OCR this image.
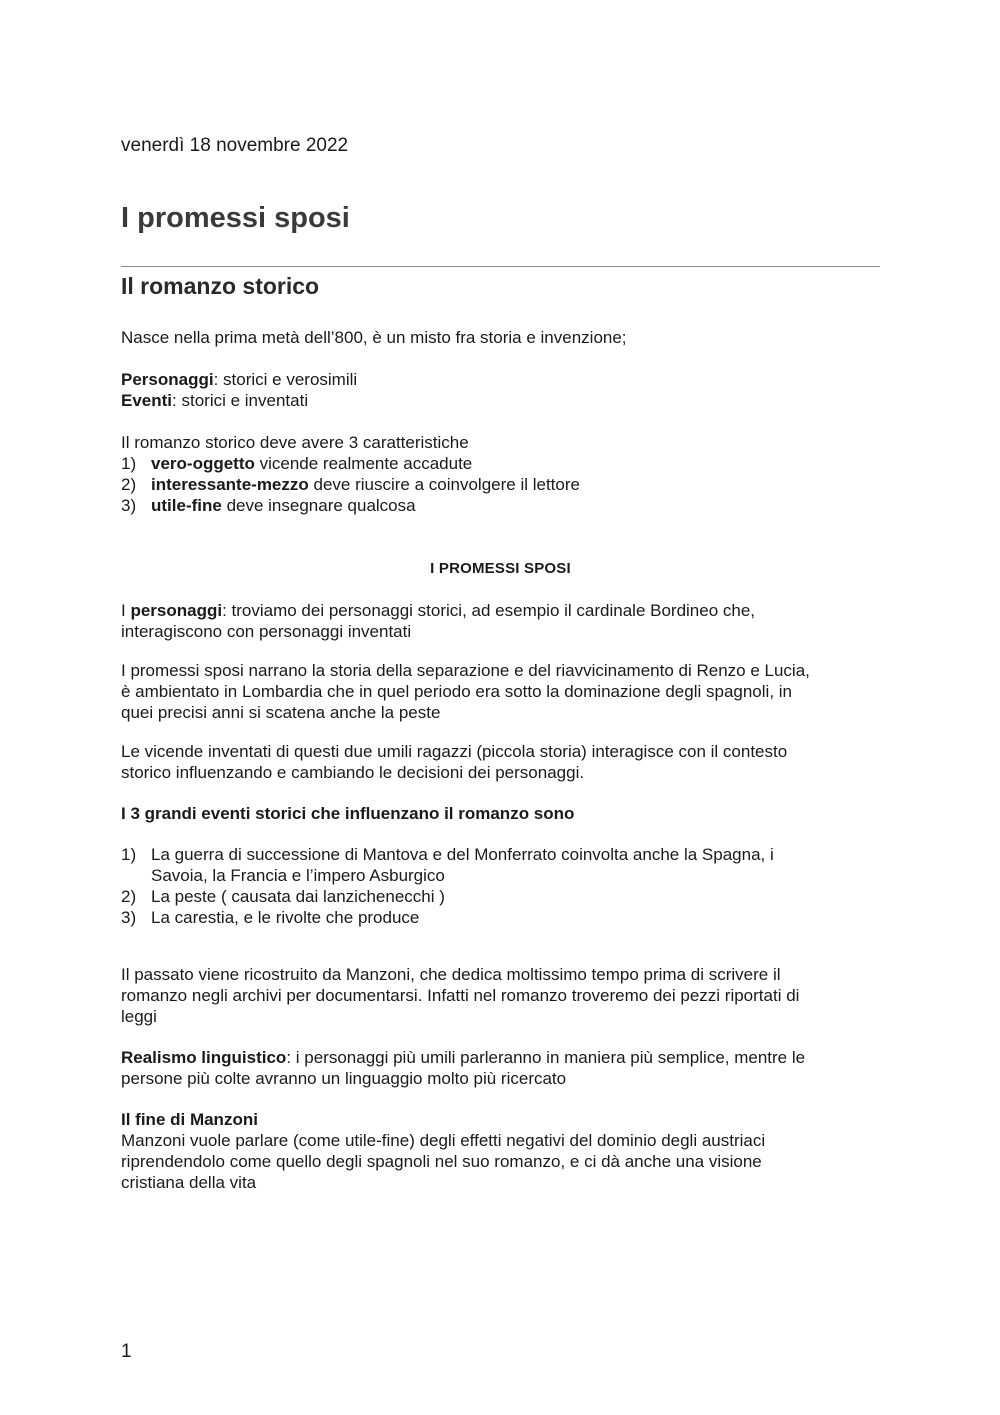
venerdì 18 novembre 2022

I promessi sposi
Il romanzo storico

Nasce nella prima metà dell’800, è un misto fra storia e invenzione;

Personaggi: storici e verosimili
Eventi: storici e inventati
Il romanzo storico deve avere 3 caratteristiche
1) vero-oggetto vicende realmente accadute
2) interessante-mezzo deve riuscire a coinvolgere il lettore
3) utile-fine deve insegnare qualcosa

I PROMESSI SPOSI

I personaggi: troviamo dei personaggi storici, ad esempio il cardinale Bordineo che,
interagiscono con personaggi inventati
I promessi sposi narrano la storia della separazione e del riavvicinamento di Renzo e Lucia,
è ambientato in Lombardia che in quel periodo era sotto la dominazione degli spagnoli, in
quei precisi anni si scatena anche la peste
Le vicende inventati di questi due umili ragazzi (piccola storia) interagisce con il contesto
storico influenzando e cambiando le decisioni dei personaggi.

I 3 grandi eventi storici che influenzano il romanzo sono

1) La guerra di successione di Mantova e del Monferrato coinvolta anche la Spagna, i
Savoia, la Francia e l’impero Asburgico
2) La peste ( causata dai lanzichenecchi )
3) La carestia, e le rivolte che produce
Il passato viene ricostruito da Manzoni, che dedica moltissimo tempo prima di scrivere il
romanzo negli archivi per documentarsi. Infatti nel romanzo troveremo dei pezzi riportati di
leggi
Realismo linguistico: i personaggi più umili parleranno in maniera più semplice, mentre le
persone più colte avranno un linguaggio molto più ricercato
Il fine di Manzoni
Manzoni vuole parlare (come utile-fine) degli effetti negativi del dominio degli austriaci
riprendendolo come quello degli spagnoli nel suo romanzo, e ci dà anche una visione
cristiana della vita

1
